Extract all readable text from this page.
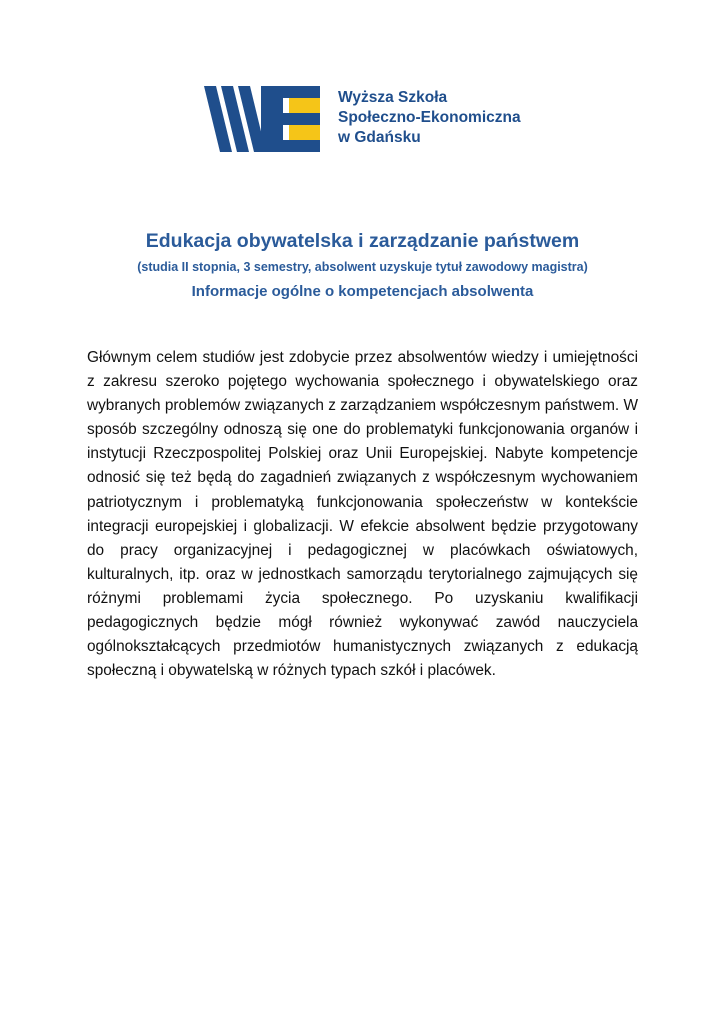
Wyższa Szkoła
Społeczno-Ekonomiczna
w Gdańsku
Edukacja obywatelska i zarządzanie państwem

(studia II stopnia, 3 semestry, absolwent uzyskuje tytuł zawodowy magistra)

Informacje ogólne o kompetencjach absolwenta

Głównym celem studiów jest zdobycie przez absolwentów wiedzy i umiejętności z zakresu szeroko pojętego wychowania społecznego i obywatelskiego oraz wybranych problemów związanych z zarządzaniem współczesnym państwem. W sposób szczególny odnoszą się one do problematyki funkcjonowania organów i instytucji Rzeczpospolitej Polskiej oraz Unii Europejskiej. Nabyte kompetencje odnosić się też będą do zagadnień związanych z współczesnym wychowaniem patriotycznym i problematyką funkcjonowania społeczeństw w kontekście integracji europejskiej i globalizacji. W efekcie absolwent będzie przygotowany do pracy organizacyjnej i pedagogicznej w placówkach oświatowych, kulturalnych, itp. oraz w jednostkach samorządu terytorialnego zajmujących się różnymi problemami życia społecznego. Po uzyskaniu kwalifikacji pedagogicznych będzie mógł również wykonywać zawód nauczyciela ogólnokształcących przedmiotów humanistycznych związanych z edukacją społeczną i obywatelską w różnych typach szkół i placówek.
